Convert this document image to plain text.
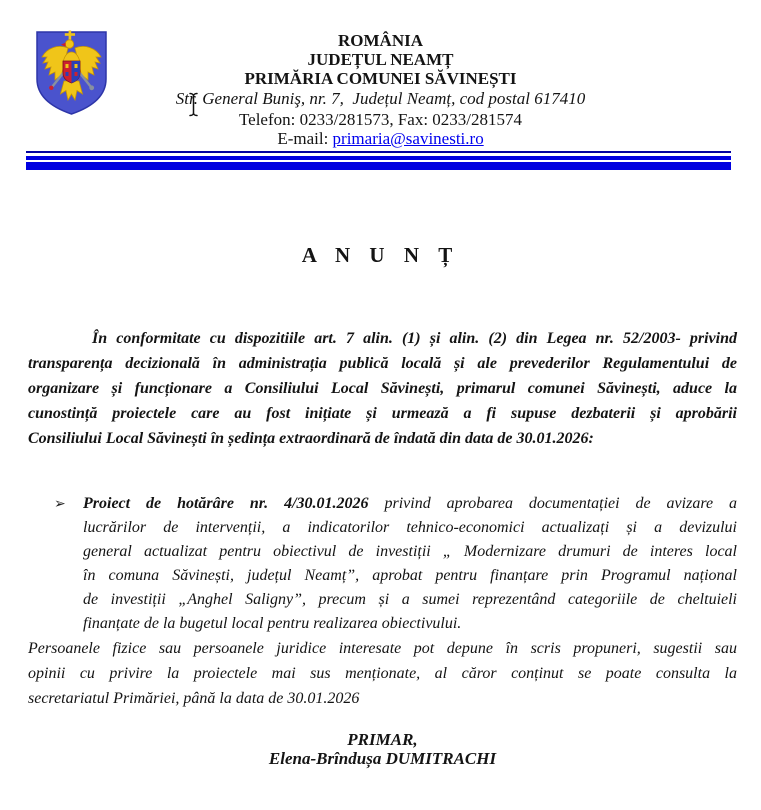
ROMÂNIA
JUDEȚUL NEAMȚ
PRIMĂRIA COMUNEI SĂVINEȘTI
Str. General Buniş, nr. 7,  Județul Neamț, cod postal 617410
Telefon: 0233/281573, Fax: 0233/281574
E-mail: primaria@savinesti.ro
A N U N Ț
În conformitate cu dispozitiile art. 7 alin. (1) și alin. (2) din Legea nr. 52/2003- privind
transparența decizională în administrația publică locală și ale prevederilor Regulamentului de
organizare și funcționare a Consiliului Local Săvinești, primarul comunei Săvinești, aduce la
cunostință proiectele care au fost inițiate și urmează a fi supuse dezbaterii și aprobării
Consiliului Local Săvinești în ședința extraordinară de îndată din data de 30.01.2026:
➢ Proiect de hotărâre nr. 4/30.01.2026 privind aprobarea documentației de avizare a
lucrărilor de intervenții, a indicatorilor tehnico-economici actualizați și a devizului
general actualizat pentru obiectivul de investiții „ Modernizare drumuri de interes local
în comuna Săvinești, județul Neamț”, aprobat pentru finanțare prin Programul național
de investiții „Anghel Saligny”, precum și a sumei reprezentând categoriile de cheltuieli
finanțate de la bugetul local pentru realizarea obiectivului.
Persoanele fizice sau persoanele juridice interesate pot depune în scris propuneri, sugestii sau
opinii cu privire la proiectele mai sus menționate, al căror conținut se poate consulta la
secretariatul Primăriei, până la data de 30.01.2026
PRIMAR,
Elena-Brîndușa DUMITRACHI
